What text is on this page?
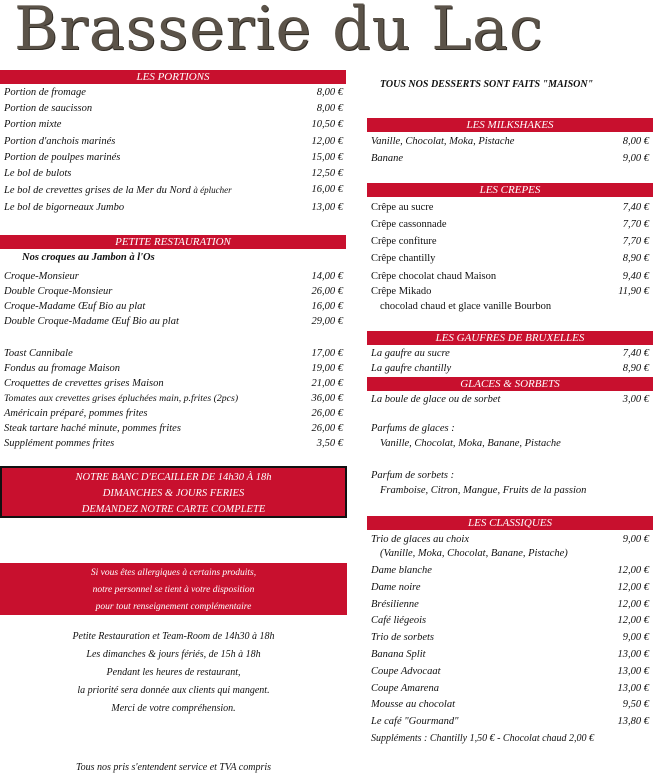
Brasserie du Lac
LES PORTIONS
Portion de fromage	8,00 €
Portion de saucisson	8,00 €
Portion mixte	10,50 €
Portion d'anchois marinés	12,00 €
Portion de poulpes marinés	15,00 €
Le bol de bulots	12,50 €
Le bol de crevettes grises de la Mer du Nord à éplucher	16,00 €
Le bol de bigorneaux Jumbo	13,00 €
PETITE RESTAURATION
Nos croques au Jambon à l'Os
Croque-Monsieur	14,00 €
Double Croque-Monsieur	26,00 €
Croque-Madame Œuf Bio au plat	16,00 €
Double Croque-Madame Œuf Bio au plat	29,00 €
Toast Cannibale	17,00 €
Fondus au fromage Maison	19,00 €
Croquettes de crevettes grises Maison	21,00 €
Tomates aux crevettes grises épluchées main, p.frites (2pcs)	36,00 €
Américain préparé, pommes frites	26,00 €
Steak tartare haché minute, pommes frites	26,00 €
Supplément pommes frites	3,50 €
NOTRE BANC D'ECAILLER DE 14h30 À 18h
DIMANCHES & JOURS FERIES
DEMANDEZ NOTRE CARTE COMPLETE
Si vous êtes allergiques à certains produits,
notre personnel se tient à votre disposition
pour tout renseignement complémentaire
Petite Restauration et Team-Room de 14h30 à 18h
Les dimanches & jours fériés, de 15h à 18h
Pendant les heures de restaurant,
la priorité sera donnée aux clients qui mangent.
Merci de votre compréhension.
Tous nos pris s'entendent service et TVA compris
TOUS NOS DESSERTS SONT FAITS "MAISON"
LES MILKSHAKES
Vanille, Chocolat, Moka, Pistache	8,00 €
Banane	9,00 €
LES CREPES
Crêpe au sucre	7,40 €
Crêpe cassonnade	7,70 €
Crêpe confiture	7,70 €
Crêpe chantilly	8,90 €
Crêpe chocolat chaud Maison	9,40 €
Crêpe Mikado	11,90 €
chocolad chaud et glace vanille Bourbon
LES GAUFRES DE BRUXELLES
La gaufre au sucre	7,40 €
La gaufre chantilly	8,90 €
GLACES & SORBETS
La boule de glace ou de sorbet	3,00 €
Parfums de glaces :
Vanille, Chocolat, Moka, Banane, Pistache
Parfum de sorbets :
Framboise, Citron, Mangue, Fruits de la passion
LES CLASSIQUES
Trio de glaces au choix	9,00 €
(Vanille, Moka, Chocolat, Banane, Pistache)
Dame blanche	12,00 €
Dame noire	12,00 €
Brésilienne	12,00 €
Café liégeois	12,00 €
Trio de sorbets	9,00 €
Banana Split	13,00 €
Coupe Advocaat	13,00 €
Coupe Amarena	13,00 €
Mousse au chocolat	9,50 €
Le café "Gourmand"	13,80 €
Suppléments : Chantilly 1,50 € - Chocolat chaud 2,00 €
